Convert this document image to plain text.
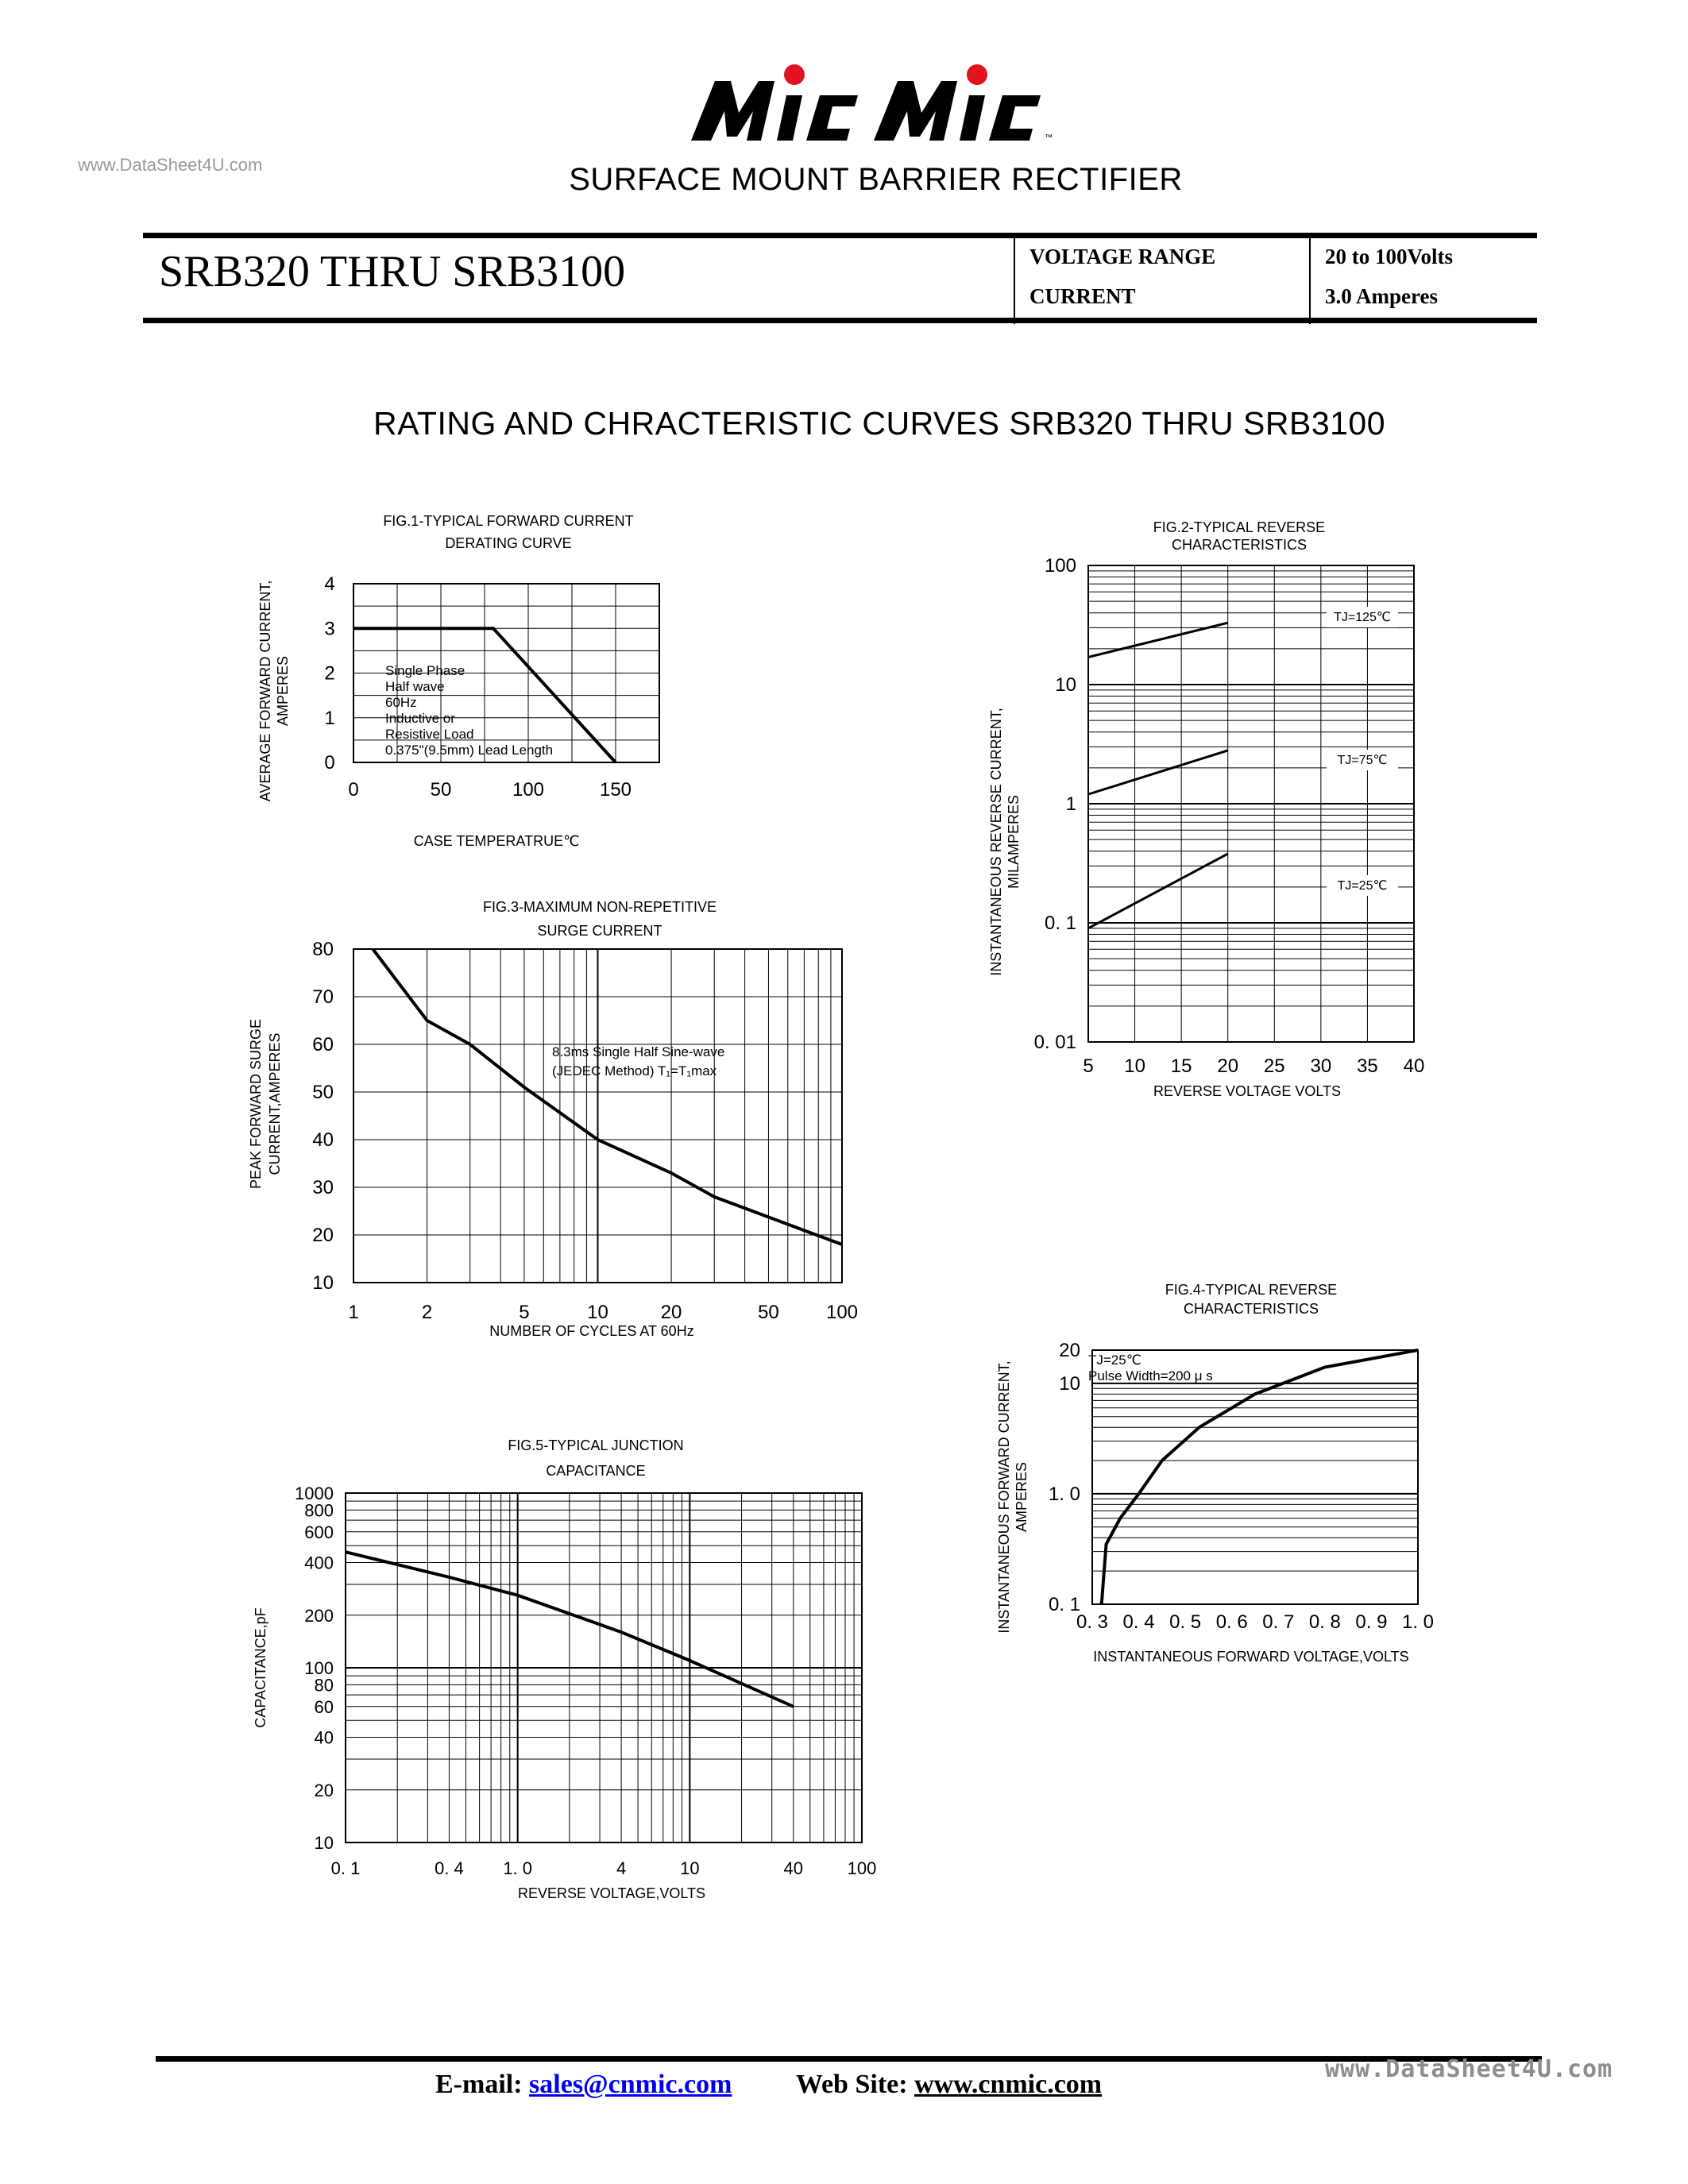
www.DataSheet4U.com
™
SURFACE MOUNT BARRIER RECTIFIER
SRB320 THRU SRB3100	VOLTAGE RANGE	20 to 100Volts
CURRENT	3.0 Amperes
RATING AND CHRACTERISTIC CURVES SRB320 THRU SRB3100
FIG.1-TYPICAL FORWARD CURRENT
DERATING CURVE
0
1
2
3
4
0	50	100	150
Single Phase
Half wave
60Hz
Inductive or
Resistive Load
0.375"(9.5mm) Lead Length
CASE TEMPERATRUE℃
AVERAGE FORWARD CURRENT, AMPERES
FIG.2-TYPICAL REVERSE
CHARACTERISTICS
100
10
1
0. 1
0. 01
5 10 15 20 25 30 35 40
TJ=125℃
TJ=75℃
TJ=25℃
REVERSE VOLTAGE VOLTS
INSTANTANEOUS REVERSE CURRENT, MILAMPERES
FIG.3-MAXIMUM NON-REPETITIVE
SURGE CURRENT
10
20
30
40
50
60
70
80
1	2	5	10	20	50 100
8.3ms Single Half Sine-wave
(JEDEC Method) T₁=T₁max
NUMBER OF CYCLES AT 60Hz
PEAK FORWARD SURGE CURRENT,AMPERES
FIG.4-TYPICAL REVERSE
CHARACTERISTICS
20
10
1. 0
0. 1
0. 3 0. 4 0. 5 0. 6 0. 7 0. 8 0. 9 1. 0
TJ=25℃
Pulse Width=200 μ s
INSTANTANEOUS FORWARD VOLTAGE,VOLTS
INSTANTANEOUS FORWARD CURRENT, AMPERES
FIG.5-TYPICAL JUNCTION
CAPACITANCE
1000
800
600
400
200
100
80
60
40
20
10
0. 1	0. 4 1. 0	4	10	40	100
REVERSE VOLTAGE,VOLTS
CAPACITANCE,pF
www.DataSheet4U.com
E-mail: sales@cnmic.com Web Site: www.cnmic.com
